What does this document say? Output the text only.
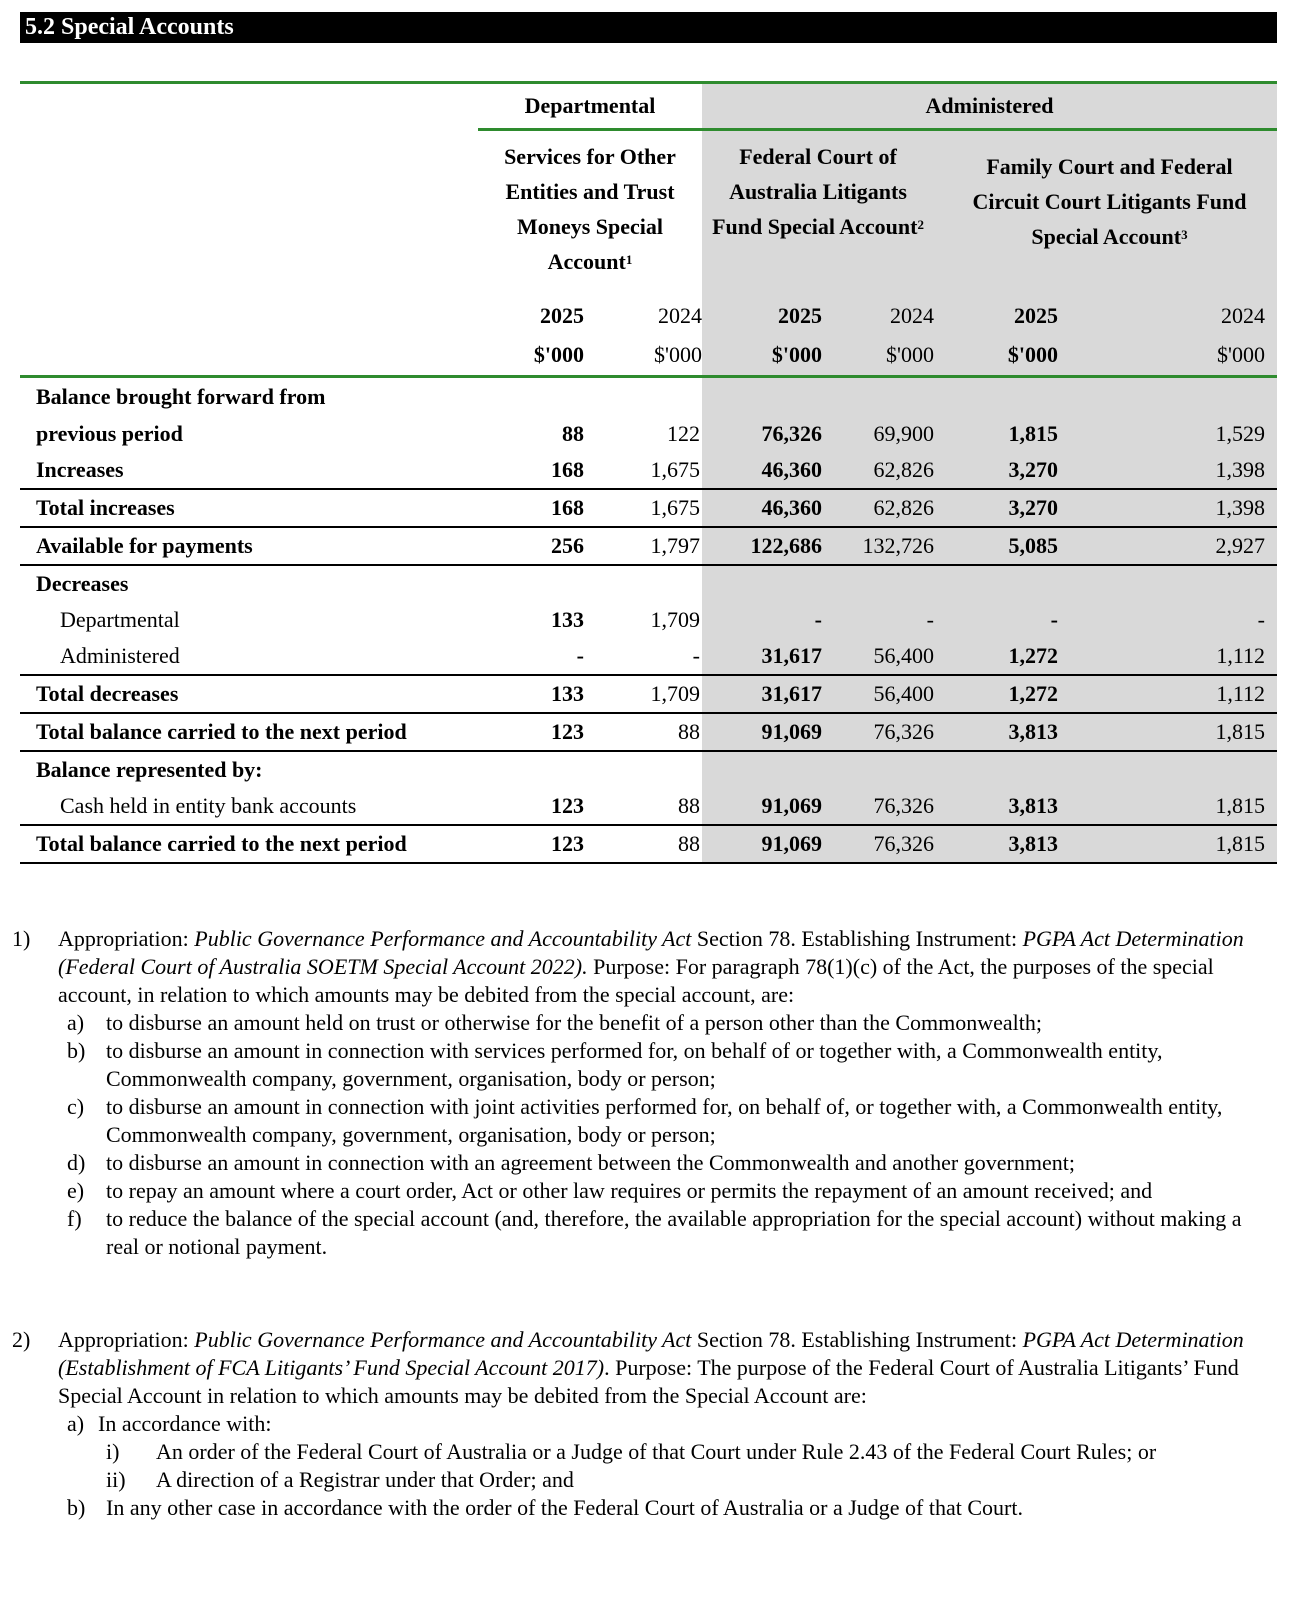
5.2 Special Accounts
	Departmental		Administered			
	Services for Other Entities and Trust Moneys Special Account$^1$		Federal Court of Australia Litigants Fund Special Account$^2$		Family Court and Federal Circuit Court Litigants Fund Special Account$^3$
	2025	2024	2025	2024	2025	2024
	$'000	$'000	$'000	$'000	$'000	$'000
Balance brought forward from						
previous period	88	122	76,326	69,900	1,815	1,529
Increases	168	1,675	46,360	62,826	3,270	1,398
Total increases	168	1,675	46,360	62,826	3,270	1,398
Available for payments	256	1,797	122,686	132,726	5,085	2,927
Decreases						
Departmental	133	1,709	-	-	-	-
Administered	-	-	31,617	56,400	1,272	1,112
Total decreases	133	1,709	31,617	56,400	1,272	1,112
Total balance carried to the next period	123	88	91,069	76,326	3,813	1,815
Balance represented by:						
Cash held in entity bank accounts	123	88	91,069	76,326	3,813	1,815
Total balance carried to the next period	123	88	91,069	76,326	3,813	1,815
1) Appropriation: Public Governance Performance and Accountability Act Section 78. Establishing Instrument: PGPA Act Determination (Federal Court of Australia SOETM Special Account 2022). Purpose: For paragraph 78(1)(c) of the Act, the purposes of the special account, in relation to which amounts may be debited from the special account, are:

a) to disburse an amount held on trust or otherwise for the benefit of a person other than the Commonwealth;
b) to disburse an amount in connection with services performed for, on behalf of or together with, a Commonwealth entity, Commonwealth company, government, organisation, body or person;
c) to disburse an amount in connection with joint activities performed for, on behalf of, or together with, a Commonwealth entity, Commonwealth company, government, organisation, body or person;
d) to disburse an amount in connection with an agreement between the Commonwealth and another government;
e) to repay an amount where a court order, Act or other law requires or permits the repayment of an amount received; and
f)	to reduce the balance of the special account (and, therefore, the available appropriation for the special account) without making a real or notional payment.
2) Appropriation: Public Governance Performance and Accountability Act Section 78. Establishing Instrument: PGPA Act Determination (Establishment of FCA Litigants’ Fund Special Account 2017). Purpose: The purpose of the Federal Court of Australia Litigants’ Fund Special Account in relation to which amounts may be debited from the Special Account are:

a) In accordance with:
i)	An order of the Federal Court of Australia or a Judge of that Court under Rule 2.43 of the Federal Court Rules; or
ii)	A direction of a Registrar under that Order; and
b) In any other case in accordance with the order of the Federal Court of Australia or a Judge of that Court.
